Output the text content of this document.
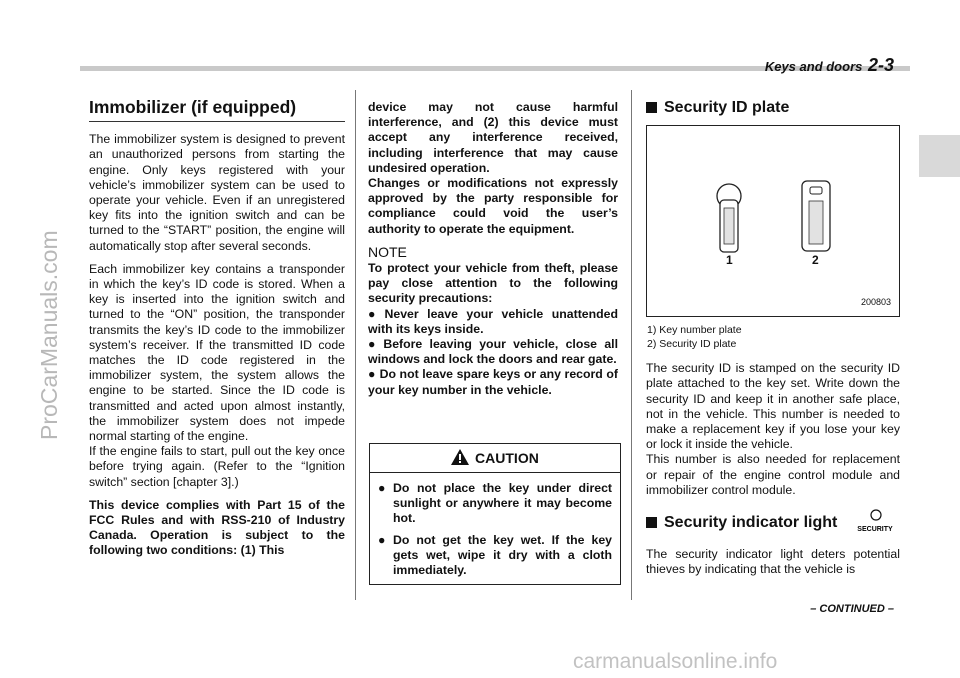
Keys and doors 2-3
ProCarManuals.com
carmanualsonline.info
Immobilizer (if equipped)

The immobilizer system is designed to prevent an unauthorized persons from starting the engine. Only keys registered with your vehicle’s immobilizer system can be used to operate your vehicle. Even if an unregistered key fits into the ignition switch and can be turned to the “START” position, the engine will automatically stop after several seconds.

Each immobilizer key contains a transponder in which the key’s ID code is stored. When a key is inserted into the ignition switch and turned to the “ON” position, the transponder transmits the key’s ID code to the immobilizer system’s receiver. If the transmitted ID code matches the ID code registered in the immobilizer system, the system allows the engine to be started. Since the ID code is transmitted and acted upon almost instantly, the immobilizer system does not impede normal starting of the engine.

If the engine fails to start, pull out the key once before trying again. (Refer to the “Ignition switch” section [chapter 3].)

This device complies with Part 15 of the FCC Rules and with RSS-210 of Industry Canada. Operation is subject to the following two conditions: (1) This

device may not cause harmful interference, and (2) this device must accept any interference received, including interference that may cause undesired operation.

Changes or modifications not expressly approved by the party responsible for compliance could void the user’s authority to operate the equipment.

NOTE
To protect your vehicle from theft, please pay close attention to the following security precautions:
● Never leave your vehicle unattended with its keys inside.
● Before leaving your vehicle, close all windows and lock the doors and rear gate.
● Do not leave spare keys or any record of your key number in the vehicle.
CAUTION
● Do not place the key under direct sunlight or anywhere it may become hot.
● Do not get the key wet. If the key gets wet, wipe it dry with a cloth immediately.
Security ID plate
1	2
200803
1) Key number plate
2) Security ID plate

The security ID is stamped on the security ID plate attached to the key set. Write down the security ID and keep it in another safe place, not in the vehicle. This number is needed to make a replacement key if you lose your key or lock it inside the vehicle.

This number is also needed for replacement or repair of the engine control module and immobilizer control module.

Security indicator light	SECURITY

The security indicator light deters potential thieves by indicating that the vehicle is

– CONTINUED –
